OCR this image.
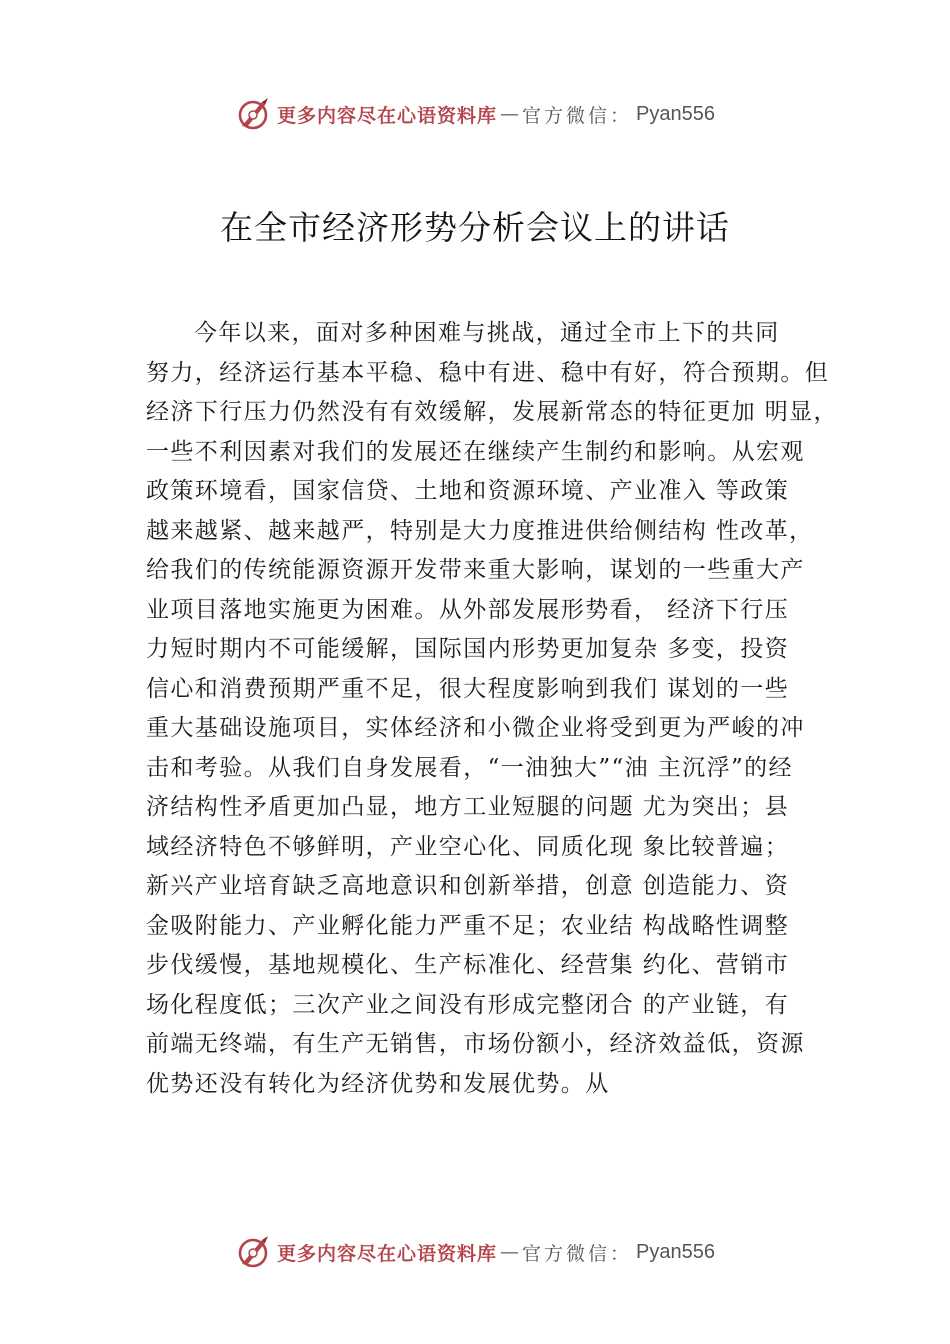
更多内容尽在心语资料库 — 官方微信： Pyan556
在全市经济形势分析会议上的讲话
今年以来，面对多种困难与挑战，通过全市上下的共同
努力，经济运行基本平稳、稳中有进、稳中有好，符合预期。但
经济下行压力仍然没有有效缓解，发展新常态的特征更加 明显，
一些不利因素对我们的发展还在继续产生制约和影响。从宏观
政策环境看，国家信贷、土地和资源环境、产业准入 等政策
越来越紧、越来越严，特别是大力度推进供给侧结构 性改革，
给我们的传统能源资源开发带来重大影响，谋划的一些重大产
业项目落地实施更为困难。从外部发展形势看， 经济下行压
力短时期内不可能缓解，国际国内形势更加复杂 多变，投资
信心和消费预期严重不足，很大程度影响到我们 谋划的一些
重大基础设施项目，实体经济和小微企业将受到更为严峻的冲
击和考验。从我们自身发展看，“一油独大”“油 主沉浮”的经
济结构性矛盾更加凸显，地方工业短腿的问题 尤为突出；县
域经济特色不够鲜明，产业空心化、同质化现 象比较普遍；
新兴产业培育缺乏高地意识和创新举措，创意 创造能力、资
金吸附能力、产业孵化能力严重不足；农业结 构战略性调整
步伐缓慢，基地规模化、生产标准化、经营集 约化、营销市
场化程度低；三次产业之间没有形成完整闭合 的产业链，有
前端无终端，有生产无销售，市场份额小，经济效益低，资源
优势还没有转化为经济优势和发展优势。从
更多内容尽在心语资料库 — 官方微信： Pyan556
